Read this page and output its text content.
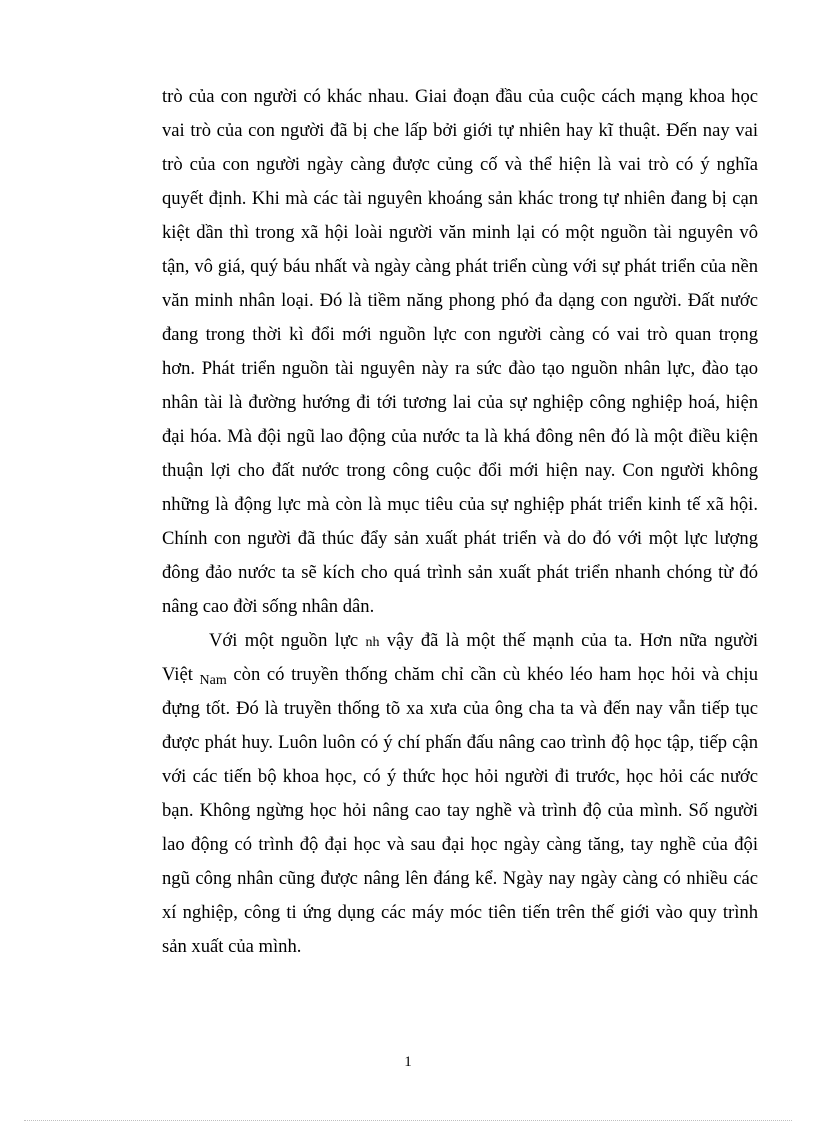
trò của con người có khác nhau. Giai đoạn đầu của cuộc cách mạng khoa học
vai trò của con người đã bị che lấp bởi giới tự nhiên hay kĩ thuật. Đến nay vai
trò của con người ngày càng được củng cố và thể hiện là vai trò có ý nghĩa
quyết định. Khi mà các tài nguyên khoáng sản khác trong tự nhiên đang bị cạn
kiệt dần thì trong xã hội loài người văn minh lại có một nguồn tài nguyên vô
tận, vô giá, quý báu nhất và ngày càng phát triển cùng với sự phát triển của nền
văn minh nhân loại. Đó là tiềm năng phong phó đa dạng con người. Đất nước
đang trong thời kì đổi mới nguồn lực con người càng có vai trò quan trọng
hơn. Phát triển nguồn tài nguyên này ra sức đào tạo nguồn nhân lực, đào tạo
nhân tài là đường hướng đi tới tương lai của sự nghiệp công nghiệp hoá, hiện
đại hóa. Mà đội ngũ lao động của nước ta là khá đông nên đó là một điều kiện
thuận lợi cho đất nước trong công cuộc đổi mới hiện nay. Con người không
những là động lực mà còn là mục tiêu của sự nghiệp phát triển kinh tế xã hội.
Chính con người đã thúc đẩy sản xuất phát triển và do đó với một lực lượng
đông đảo nước ta sẽ kích cho quá trình sản xuất phát triển nhanh chóng từ đó
nâng cao đời sống nhân dân.
Với một nguồn lực nh vậy đã là một thế mạnh của ta. Hơn nữa người
Việt $_{Nam}$ còn có truyền thống chăm chỉ cần cù khéo léo ham học hỏi và chịu
đựng tốt. Đó là truyền thống tõ xa xưa của ông cha ta và đến nay vẫn tiếp tục
được phát huy. Luôn luôn có ý chí phấn đấu nâng cao trình độ học tập, tiếp cận
với các tiến bộ khoa học, có ý thức học hỏi người đi trước, học hỏi các nước
bạn. Không ngừng học hỏi nâng cao tay nghề và trình độ của mình. Số người
lao động có trình độ đại học và sau đại học ngày càng tăng, tay nghề của đội
ngũ công nhân cũng được nâng lên đáng kể. Ngày nay ngày càng có nhiều các
xí nghiệp, công ti ứng dụng các máy móc tiên tiến trên thế giới vào quy trình
sản xuất của mình.
1
